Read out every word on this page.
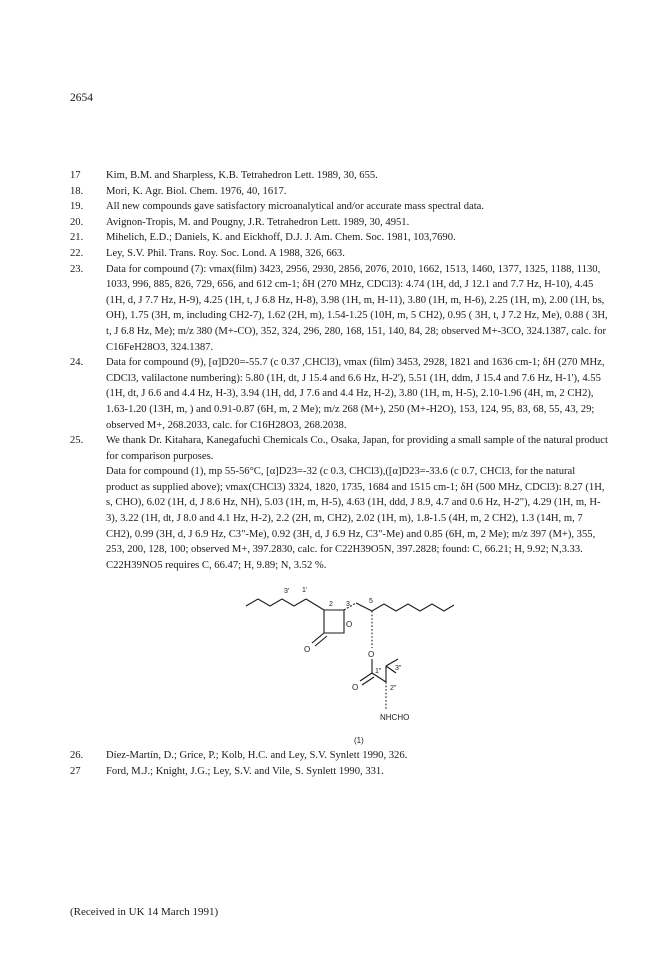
2654
17	Kim, B.M. and Sharpless, K.B. Tetrahedron Lett. 1989, 30, 655.

18.	Mori, K. Agr. Biol. Chem. 1976, 40, 1617.

19.	All new compounds gave satisfactory microanalytical and/or accurate mass spectral data.

20.	Avignon-Tropis, M. and Pougny, J.R. Tetrahedron Lett. 1989, 30, 4951.

21.	Mihelich, E.D.; Daniels, K. and Eickhoff, D.J. J. Am. Chem. Soc. 1981, 103,7690.

22.	Ley, S.V. Phil. Trans. Roy. Soc. Lond. A 1988, 326, 663.

23.	Data for compound (7): νmax(film) 3423, 2956, 2930, 2856, 2076, 2010, 1662, 1513, 1460, 1377, 1325, 1188, 1130, 1033, 996, 885, 826, 729, 656, and 612 cm-1; δH (270 MHz, CDCl3): 4.74 (1H, dd, J 12.1 and 7.7 Hz, H-10), 4.45 (1H, d, J 7.7 Hz, H-9), 4.25 (1H, t, J 6.8 Hz, H-8), 3.98 (1H, m, H-11), 3.80 (1H, m, H-6), 2.25 (1H, m), 2.00 (1H, bs, OH), 1.75 (3H, m, including CH2-7), 1.62 (2H, m), 1.54-1.25 (10H, m, 5 CH2), 0.95 ( 3H, t, J 7.2 Hz, Me), 0.88 ( 3H, t, J 6.8 Hz, Me); m/z 380 (M+-CO), 352, 324, 296, 280, 168, 151, 140, 84, 28; observed M+-3CO, 324.1387, calc. for C16FeH28O3, 324.1387.

24.	Data for compound (9), [α]D20=-55.7 (c 0.37 ,CHCl3), νmax (film) 3453, 2928, 1821 and 1636 cm-1; δH (270 MHz, CDCl3, valilactone numbering): 5.80 (1H, dt, J 15.4 and 6.6 Hz, H-2'), 5.51 (1H, ddm, J 15.4 and 7.6 Hz, H-1'), 4.55 (1H, dt, J 6.6 and 4.4 Hz, H-3), 3.94 (1H, dd, J 7.6 and 4.4 Hz, H-2), 3.80 (1H, m, H-5), 2.10-1.96 (4H, m, 2 CH2), 1.63-1.20 (13H, m, ) and 0.91-0.87 (6H, m, 2 Me); m/z 268 (M+), 250 (M+-H2O), 153, 124, 95, 83, 68, 55, 43, 29; observed M+, 268.2033, calc. for C16H28O3, 268.2038.

25.	We thank Dr. Kitahara, Kanegafuchi Chemicals Co., Osaka, Japan, for providing a small sample of the natural product for comparison purposes.

Data for compound (1), mp 55-56°C, [α]D23=-32 (c 0.3, CHCl3),([α]D23=-33.6 (c 0.7, CHCl3, for the natural product as supplied above); νmax(CHCl3) 3324, 1820, 1735, 1684 and 1515 cm-1; δH (500 MHz, CDCl3): 8.27 (1H, s, CHO), 6.02 (1H, d, J 8.6 Hz, NH), 5.03 (1H, m, H-5), 4.63 (1H, ddd, J 8.9, 4.7 and 0.6 Hz, H-2"), 4.29 (1H, m, H-3), 3.22 (1H, dt, J 8.0 and 4.1 Hz, H-2), 2.2 (2H, m, CH2), 2.02 (1H, m), 1.8-1.5 (4H, m, 2 CH2), 1.3 (14H, m, 7 CH2), 0.99 (3H, d, J 6.9 Hz, C3"-Me), 0.92 (3H, d, J 6.9 Hz, C3"-Me) and 0.85 (6H, m, 2 Me); m/z 397 (M+), 355, 253, 200, 128, 100; observed M+, 397.2830, calc. for C22H39O5N, 397.2828; found: C, 66.21; H, 9.92; N,3.33. C22H39NO5 requires C, 66.47; H, 9.89; N, 3.52 %.

3' 1'
2 3	5
O
O
O
1" 3"
2"
O
NHCHO
(1)
26.	Díez-Martín, D.; Grice, P.; Kolb, H.C. and Ley, S.V. Synlett 1990, 326.

27	Ford, M.J.; Knight, J.G.; Ley, S.V. and Vile, S. Synlett 1990, 331.

(Received in UK 14 March 1991)
